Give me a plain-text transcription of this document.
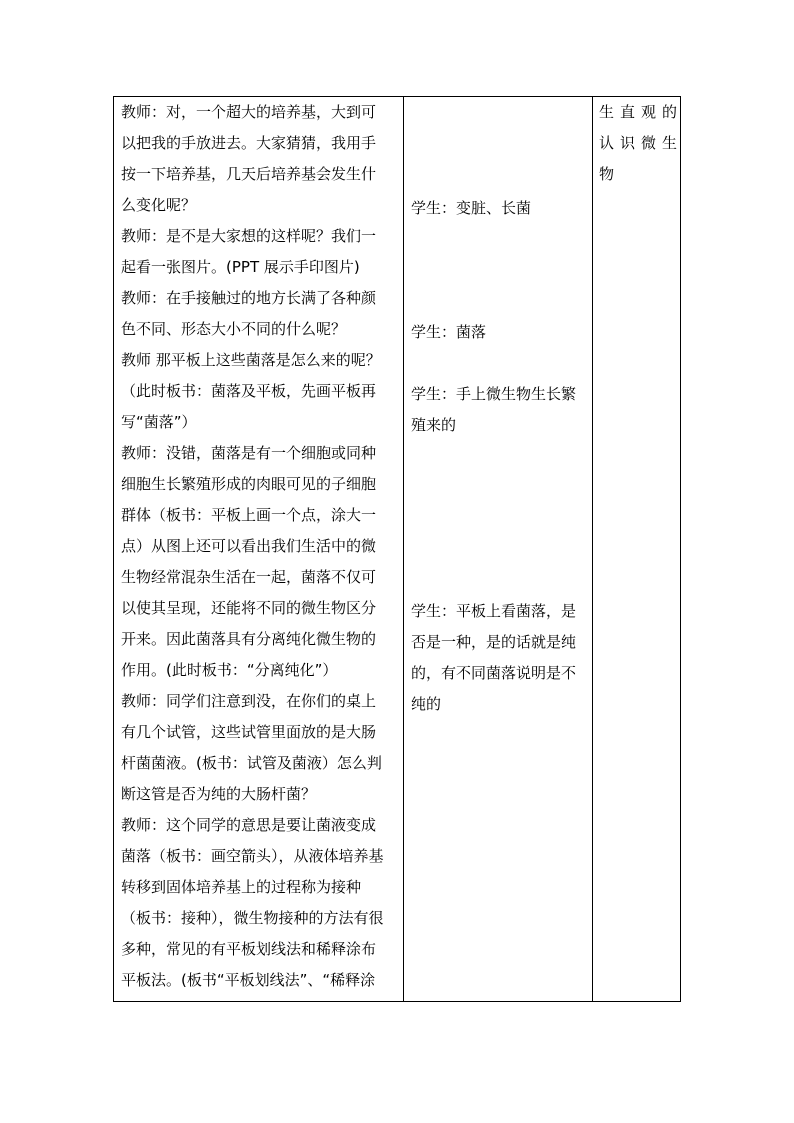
教师：对，一个超大的培养基，大到可
以把我的手放进去。大家猜猜，我用手
按一下培养基，几天后培养基会发生什
么变化呢？
教师：是不是大家想的这样呢？我们一
起看一张图片。(PPT 展示手印图片)
教师：在手接触过的地方长满了各种颜
色不同、形态大小不同的什么呢？
教师 那平板上这些菌落是怎么来的呢？
（此时板书：菌落及平板，先画平板再
写“菌落”）
教师：没错，菌落是有一个细胞或同种
细胞生长繁殖形成的肉眼可见的子细胞
群体（板书：平板上画一个点，涂大一
点）从图上还可以看出我们生活中的微
生物经常混杂生活在一起，菌落不仅可
以使其呈现，还能将不同的微生物区分
开来。因此菌落具有分离纯化微生物的
作用。(此时板书：“分离纯化”）
教师：同学们注意到没，在你们的桌上
有几个试管，这些试管里面放的是大肠
杆菌菌液。(板书：试管及菌液）怎么判
断这管是否为纯的大肠杆菌？
教师：这个同学的意思是要让菌液变成
菌落（板书：画空箭头），从液体培养基
转移到固体培养基上的过程称为接种
（板书：接种），微生物接种的方法有很
多种，常见的有平板划线法和稀释涂布
平板法。(板书“平板划线法”、“稀释涂
学生：变脏、长菌
学生：菌落
学生：手上微生物生长繁
殖来的
学生：平板上看菌落，是
否是一种，是的话就是纯
的，有不同菌落说明是不
纯的
生直观的
认识微生
物
